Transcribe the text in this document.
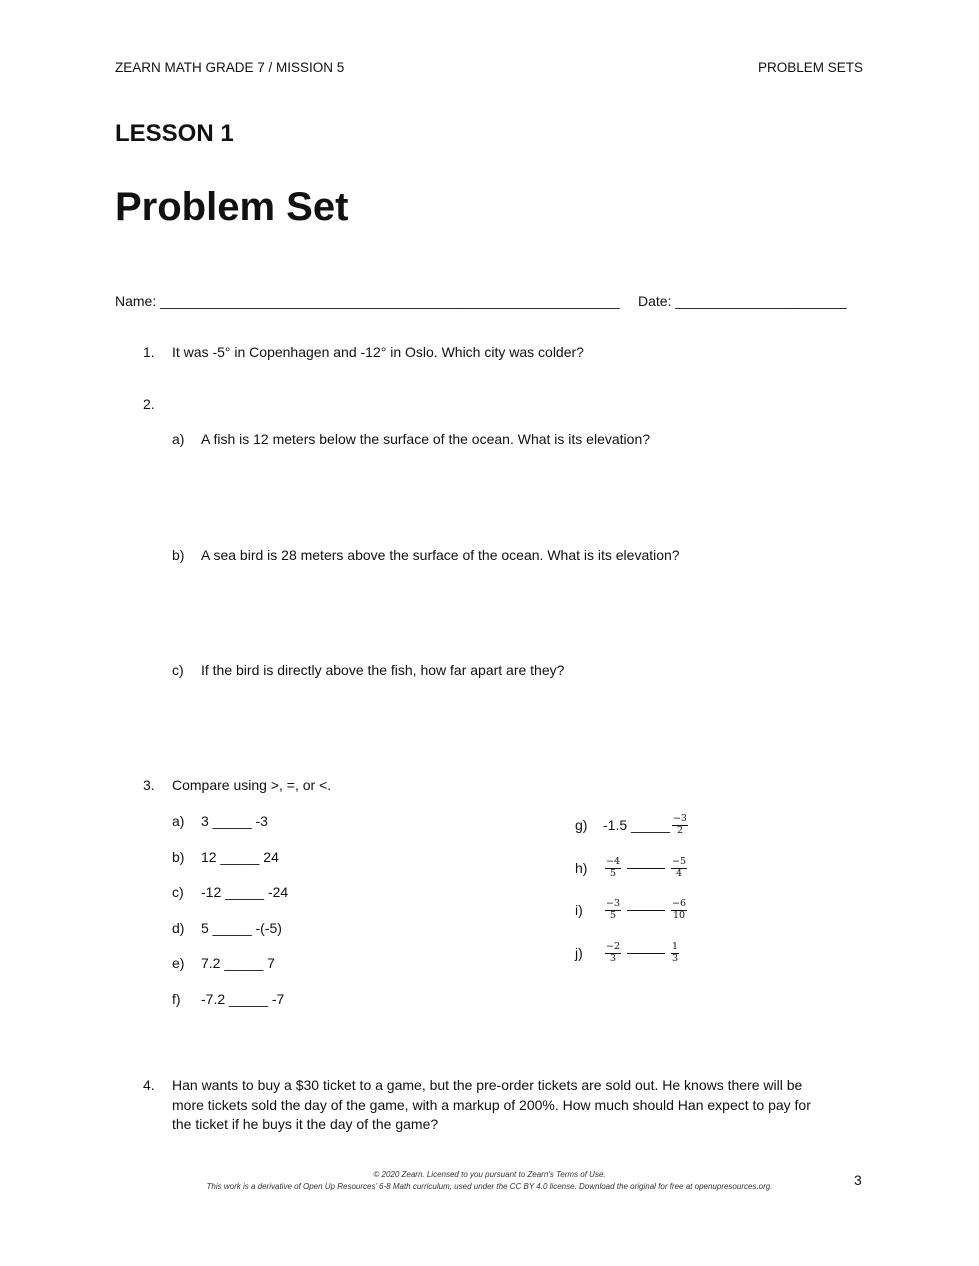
ZEARN MATH GRADE 7 / MISSION 5	PROBLEM SETS
LESSON 1
Problem Set
Name: ___________________________________________________________ Date: ______________________
1. It was -5° in Copenhagen and -12° in Oslo. Which city was colder?
2.
a) A fish is 12 meters below the surface of the ocean. What is its elevation?
b) A sea bird is 28 meters above the surface of the ocean. What is its elevation?
c) If the bird is directly above the fish, how far apart are they?
3. Compare using >, =, or <.
a) 3 _____ -3
b) 12 _____ 24
c) -12 _____ -24
d) 5 _____ -(-5)
e) 7.2 _____ 7
f) -7.2 _____ -7
g) -1.5 _____ $\frac{-3}{2}$
$h) \frac{-4}{5}$	$\frac{-5}{4}$
$i) \frac{-3}{5}$	$\frac{-6}{10}$
$j) \frac{-2}{3}$	$\frac{1}{3}$
4. Han wants to buy a $30 ticket to a game, but the pre-order tickets are sold out. He knows there will be
more tickets sold the day of the game, with a markup of 200%. How much should Han expect to pay for
the ticket if he buys it the day of the game?
© 2020 Zearn. Licensed to you pursuant to Zearn’s Terms of Use.
This work is a derivative of Open Up Resources’ 6-8 Math curriculum, used under the CC BY 4.0 license. Download the original for free at openupresources.org.	3
